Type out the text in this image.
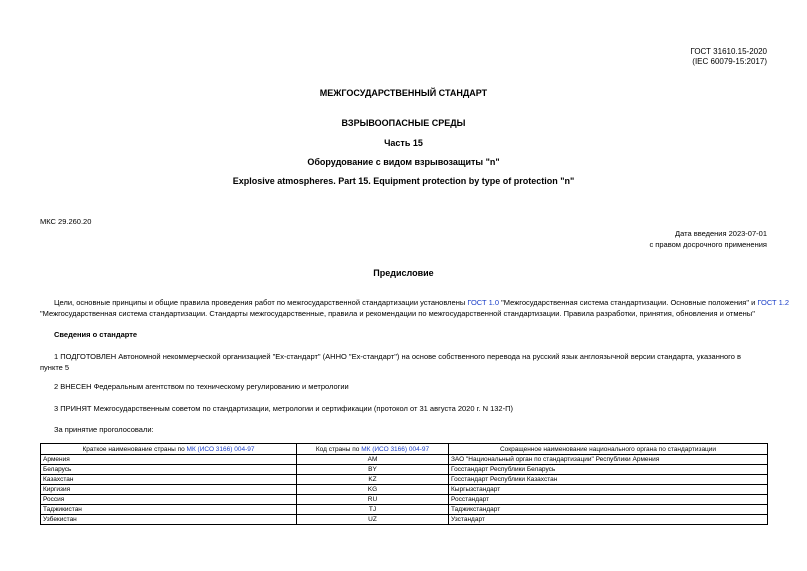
ГОСТ 31610.15-2020
(IEC 60079-15:2017)
МЕЖГОСУДАРСТВЕННЫЙ СТАНДАРТ
ВЗРЫВООПАСНЫЕ СРЕДЫ
Часть 15
Оборудование с видом взрывозащиты "n"
Explosive atmospheres. Part 15. Equipment protection by type of protection "n"
МКС 29.260.20
Дата введения 2023-07-01
с правом досрочного применения
Предисловие
Цели, основные принципы и общие правила проведения работ по межгосударственной стандартизации установлены ГОСТ 1.0 "Межгосударственная система стандартизации. Основные положения" и ГОСТ 1.2
"Межгосударственная система стандартизации. Стандарты межгосударственные, правила и рекомендации по межгосударственной стандартизации. Правила разработки, принятия, обновления и отмены"
Сведения о стандарте
1 ПОДГОТОВЛЕН Автономной некоммерческой организацией "Ex-стандарт" (АННО "Ex-стандарт") на основе собственного перевода на русский язык англоязычной версии стандарта, указанного в
пункте 5
2 ВНЕСЕН Федеральным агентством по техническому регулированию и метрологии
3 ПРИНЯТ Межгосударственным советом по стандартизации, метрологии и сертификации (протокол от 31 августа 2020 г. N 132-П)
За принятие проголосовали:
Краткое наименование страны по МК (ИСО 3166) 004-97	Код страны по МК (ИСО 3166) 004-97	Сокращенное наименование национального органа по стандартизации
Армения	AM	ЗАО "Национальный орган по стандартизации" Республики Армения
Беларусь	BY	Госстандарт Республики Беларусь
Казахстан	KZ	Госстандарт Республики Казахстан
Киргизия	KG	Кыргызстандарт
Россия	RU	Росстандарт
Таджикистан	TJ	Таджикстандарт
Узбекистан	UZ	Узстандарт
